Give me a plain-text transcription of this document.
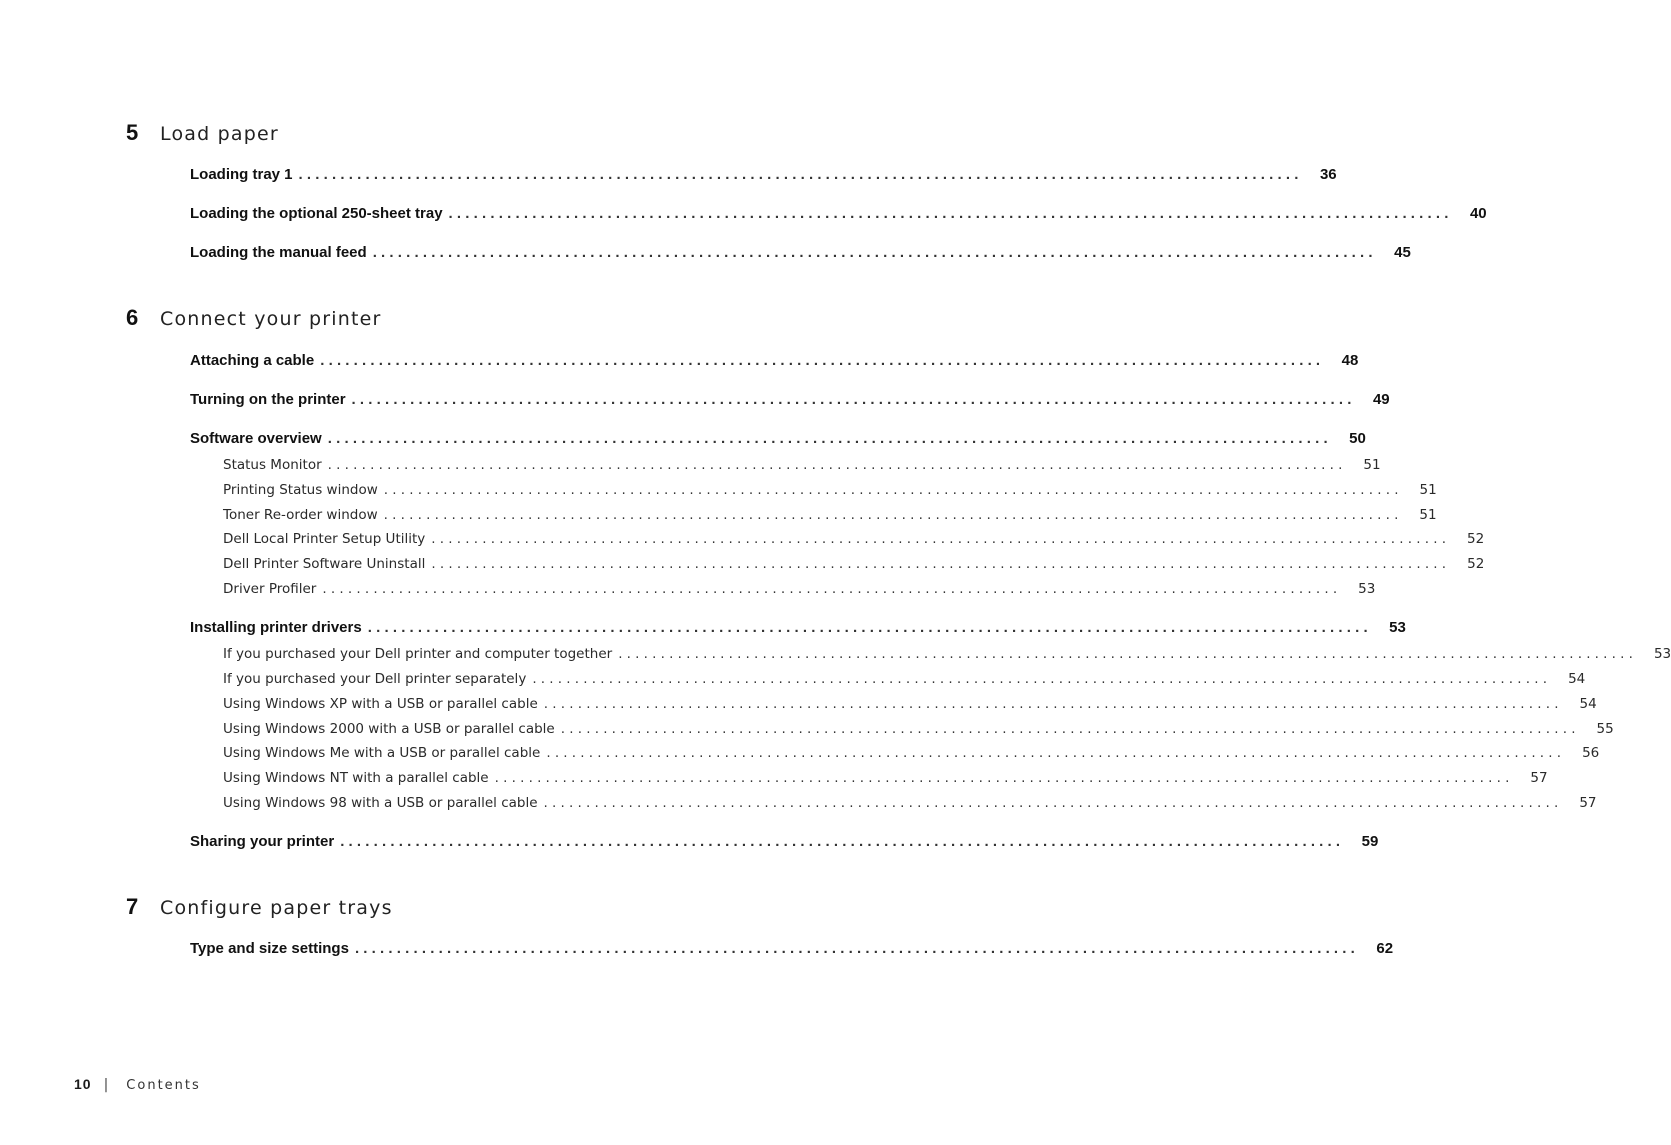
5	Load paper
Loading tray 1 ........................................................................................................................	36
Loading the optional 250-sheet tray ........................................................................................................................	40
Loading the manual feed ........................................................................................................................	45
6	Connect your printer
Attaching a cable ........................................................................................................................	48
Turning on the printer ........................................................................................................................	49
Software overview ........................................................................................................................	50
Status Monitor ........................................................................................................................	51
Printing Status window ........................................................................................................................	51
Toner Re-order window ........................................................................................................................	51
Dell Local Printer Setup Utility ........................................................................................................................	52
Dell Printer Software Uninstall ........................................................................................................................	52
Driver Profiler ........................................................................................................................	53
Installing printer drivers ........................................................................................................................	53
If you purchased your Dell printer and computer together ........................................................................................................................	53
If you purchased your Dell printer separately ........................................................................................................................	54
Using Windows XP with a USB or parallel cable ........................................................................................................................	54
Using Windows 2000 with a USB or parallel cable ........................................................................................................................	55
Using Windows Me with a USB or parallel cable ........................................................................................................................	56
Using Windows NT with a parallel cable ........................................................................................................................	57
Using Windows 98 with a USB or parallel cable ........................................................................................................................	57
Sharing your printer ........................................................................................................................	59
7	Configure paper trays
Type and size settings ........................................................................................................................	62
10 | Contents
